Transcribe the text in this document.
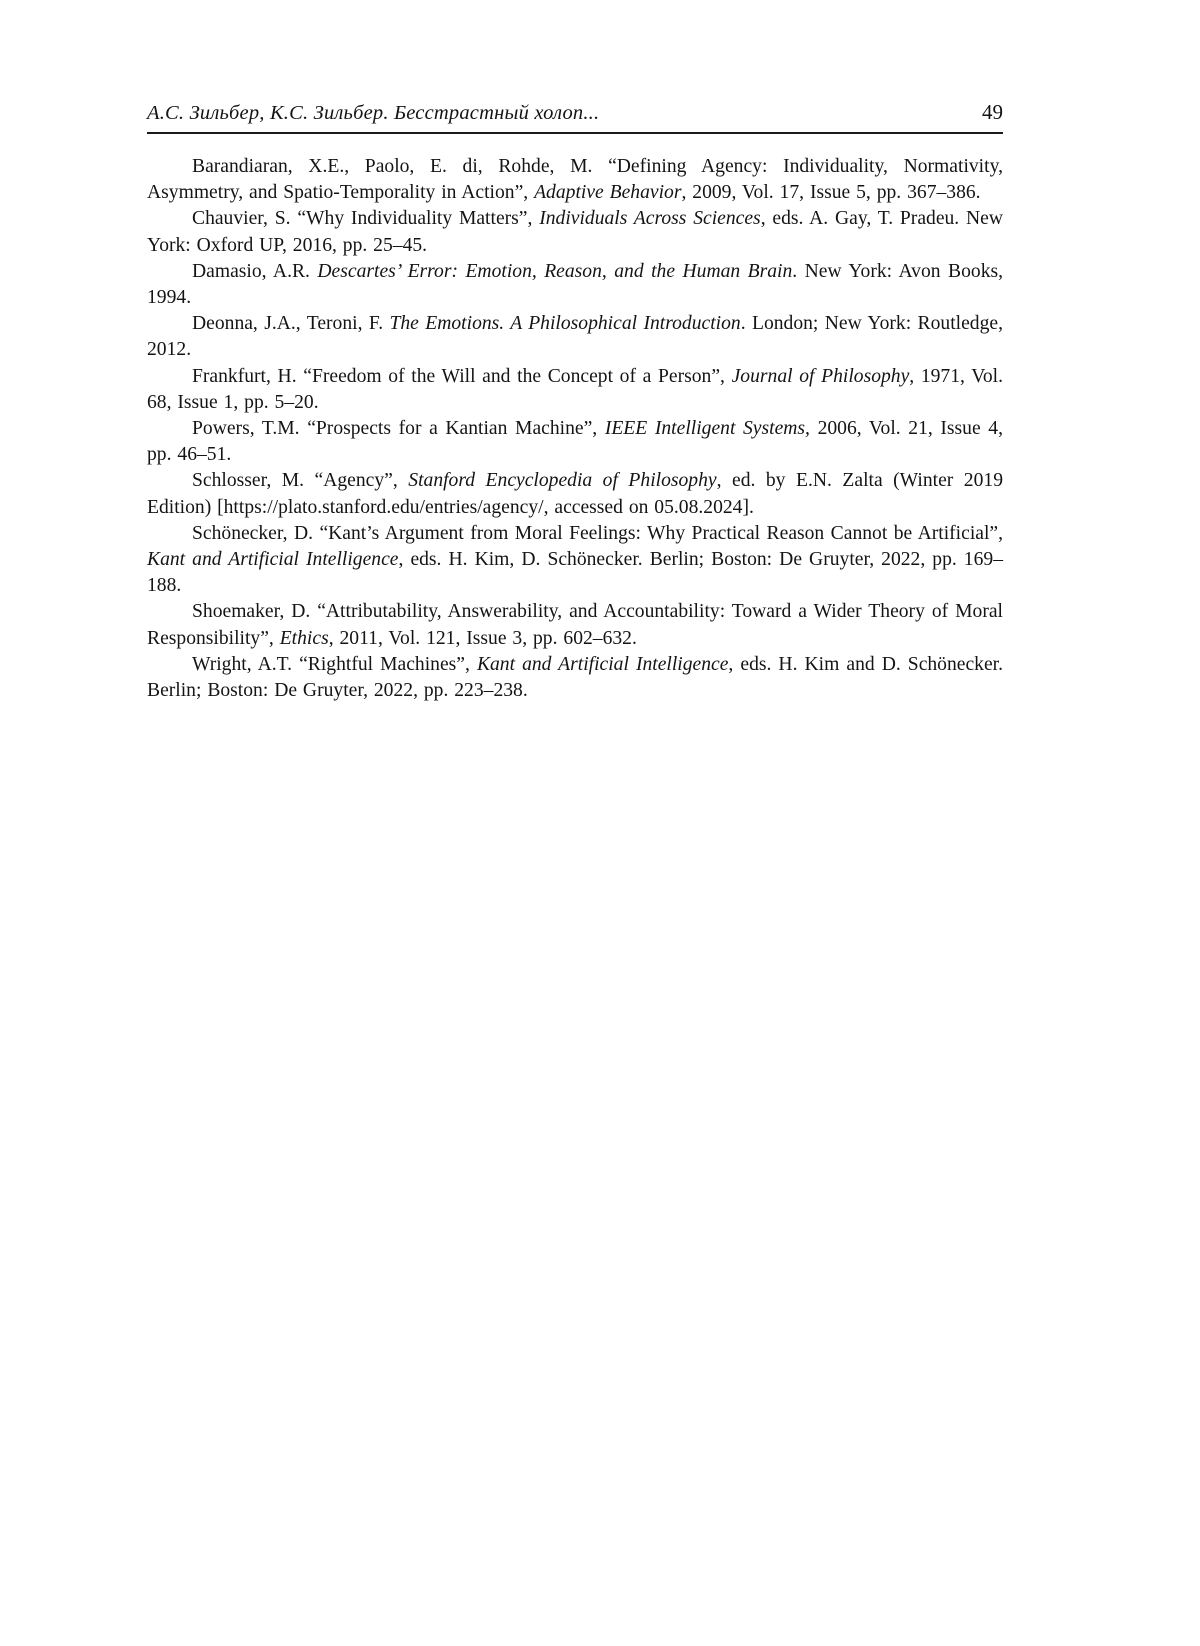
А.С. Зильбер, К.С. Зильбер. Бесстрастный холоп...	49

Barandiaran, X.E., Paolo, E. di, Rohde, M. “Defining Agency: Individuality, Normativity, Asymmetry, and Spatio-Temporality in Action”, Adaptive Behavior, 2009, Vol. 17, Issue 5, pp. 367–386.

Chauvier, S. “Why Individuality Matters”, Individuals Across Sciences, eds. A. Gay, T. Pradeu. New York: Oxford UP, 2016, pp. 25–45.

Damasio, A.R. Descartes’ Error: Emotion, Reason, and the Human Brain. New York: Avon Books, 1994.

Deonna, J.A., Teroni, F. The Emotions. A Philosophical Introduction. London; New York: Routledge, 2012.

Frankfurt, H. “Freedom of the Will and the Concept of a Person”, Journal of Philosophy, 1971, Vol. 68, Issue 1, pp. 5–20.

Powers, T.M. “Prospects for a Kantian Machine”, IEEE Intelligent Systems, 2006, Vol. 21, Issue 4, pp. 46–51.

Schlosser, M. “Agency”, Stanford Encyclopedia of Philosophy, ed. by E.N. Zalta (Winter 2019 Edition) [https://plato.stanford.edu/entries/agency/, accessed on 05.08.2024].

Schönecker, D. “Kant’s Argument from Moral Feelings: Why Practical Reason Cannot be Artificial”, Kant and Artificial Intelligence, eds. H. Kim, D. Schönecker. Berlin; Boston: De Gruyter, 2022, pp. 169–188.

Shoemaker, D. “Attributability, Answerability, and Accountability: Toward a Wider Theory of Moral Responsibility”, Ethics, 2011, Vol. 121, Issue 3, pp. 602–632.

Wright, A.T. “Rightful Machines”, Kant and Artificial Intelligence, eds. H. Kim and D. Schönecker. Berlin; Boston: De Gruyter, 2022, pp. 223–238.
